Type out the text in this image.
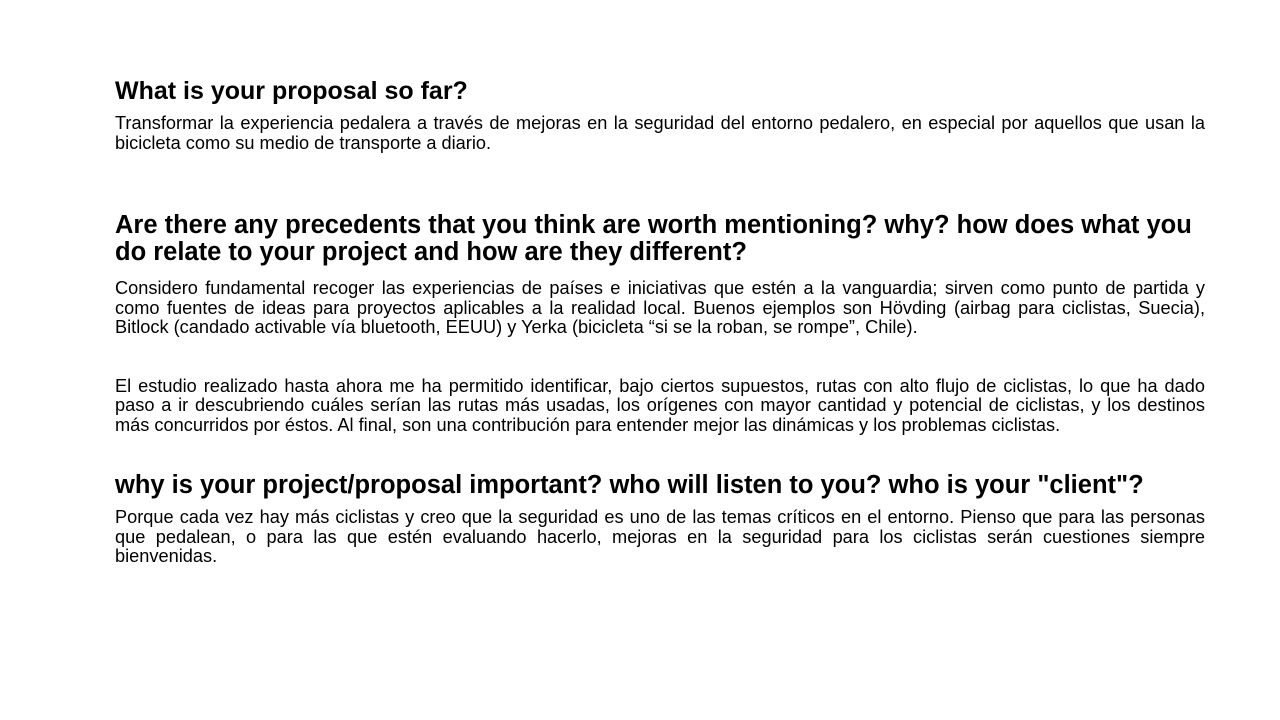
What is your proposal so far?

Transformar la experiencia pedalera a través de mejoras en la seguridad del entorno pedalero, en especial por aquellos que usan la bicicleta como su medio de transporte a diario.

Are there any precedents that you think are worth mentioning? why? how does what you do relate to your project and how are they different?

Considero fundamental recoger las experiencias de países e iniciativas que estén a la vanguardia; sirven como punto de partida y como fuentes de ideas para proyectos aplicables a la realidad local. Buenos ejemplos son Hövding (airbag para ciclistas, Suecia), Bitlock (candado activable vía bluetooth, EEUU) y Yerka (bicicleta “si se la roban, se rompe”, Chile).

El estudio realizado hasta ahora me ha permitido identificar, bajo ciertos supuestos, rutas con alto flujo de ciclistas, lo que ha dado paso a ir descubriendo cuáles serían las rutas más usadas, los orígenes con mayor cantidad y potencial de ciclistas, y los destinos más concurridos por éstos. Al final, son una contribución para entender mejor las dinámicas y los problemas ciclistas.

why is your project/proposal important? who will listen to you? who is your "client"?

Porque cada vez hay más ciclistas y creo que la seguridad es uno de las temas críticos en el entorno. Pienso que para las personas que pedalean, o para las que estén evaluando hacerlo, mejoras en la seguridad para los ciclistas serán cuestiones siempre bienvenidas.
